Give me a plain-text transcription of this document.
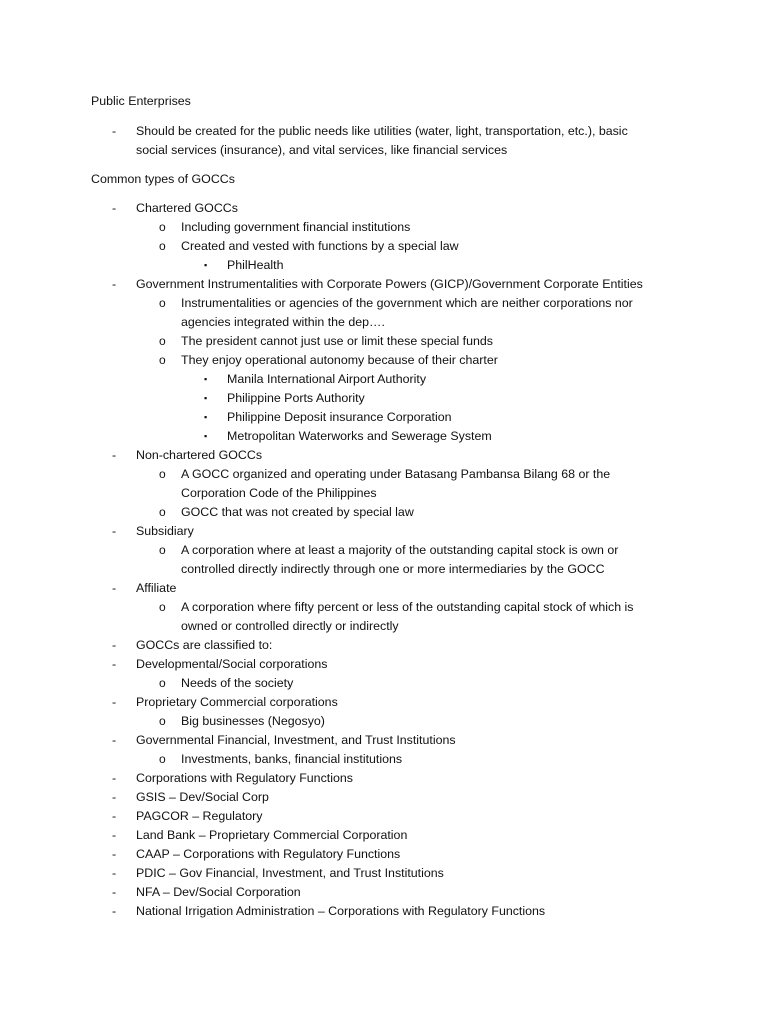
Public Enterprises
- Should be created for the public needs like utilities (water, light, transportation, etc.), basic
social services (insurance), and vital services, like financial services
Common types of GOCCs
- Chartered GOCCs
o Including government financial institutions
o Created and vested with functions by a special law
▪ PhilHealth
- Government Instrumentalities with Corporate Powers (GICP)/Government Corporate Entities
o Instrumentalities or agencies of the government which are neither corporations nor
agencies integrated within the dep….
o The president cannot just use or limit these special funds
o They enjoy operational autonomy because of their charter
▪ Manila International Airport Authority
▪ Philippine Ports Authority
▪ Philippine Deposit insurance Corporation
▪ Metropolitan Waterworks and Sewerage System
- Non-chartered GOCCs
o A GOCC organized and operating under Batasang Pambansa Bilang 68 or the
Corporation Code of the Philippines
o GOCC that was not created by special law
- Subsidiary
o A corporation where at least a majority of the outstanding capital stock is own or
controlled directly indirectly through one or more intermediaries by the GOCC
- Affiliate
o A corporation where fifty percent or less of the outstanding capital stock of which is
owned or controlled directly or indirectly
- GOCCs are classified to:
- Developmental/Social corporations
o Needs of the society
- Proprietary Commercial corporations
o Big businesses (Negosyo)
- Governmental Financial, Investment, and Trust Institutions
o Investments, banks, financial institutions
- Corporations with Regulatory Functions
- GSIS – Dev/Social Corp
- PAGCOR – Regulatory
- Land Bank – Proprietary Commercial Corporation
- CAAP – Corporations with Regulatory Functions
- PDIC – Gov Financial, Investment, and Trust Institutions
- NFA – Dev/Social Corporation
- National Irrigation Administration – Corporations with Regulatory Functions
